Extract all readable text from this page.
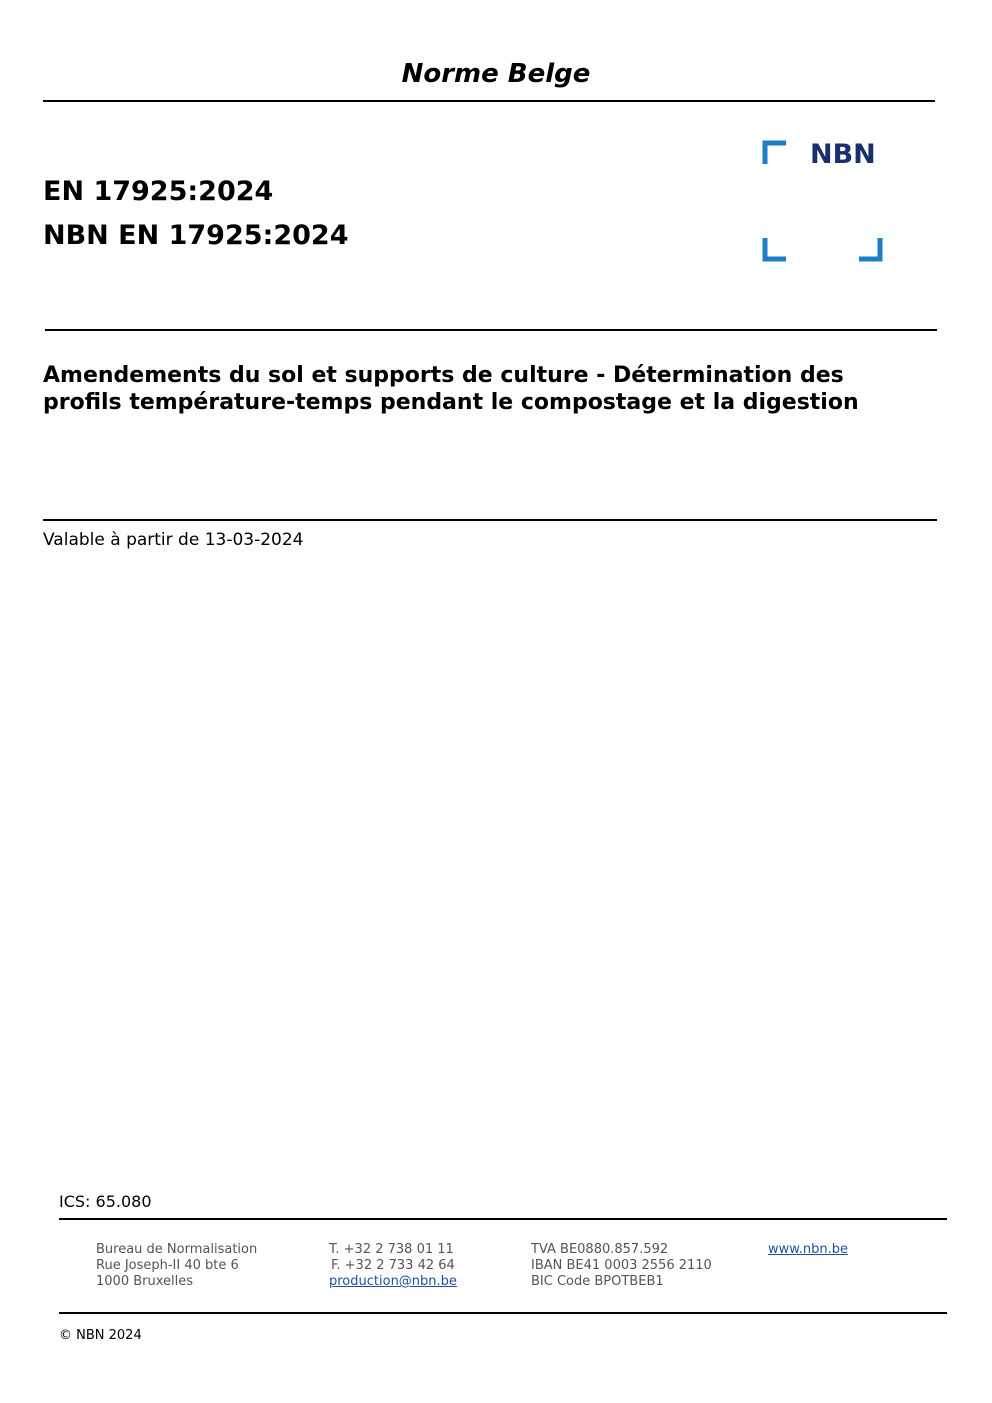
Norme Belge
EN 17925:2024
NBN EN 17925:2024
NBN
Amendements du sol et supports de culture - Détermination des profils température-temps pendant le compostage et la digestion
Valable à partir de 13-03-2024
ICS: 65.080
Bureau de Normalisation
Rue Joseph-II 40 bte 6
1000 Bruxelles
T. +32 2 738 01 11
F. +32 2 733 42 64
production@nbn.be
TVA BE0880.857.592
IBAN BE41 0003 2556 2110
BIC Code BPOTBEB1
www.nbn.be
© NBN 2024
